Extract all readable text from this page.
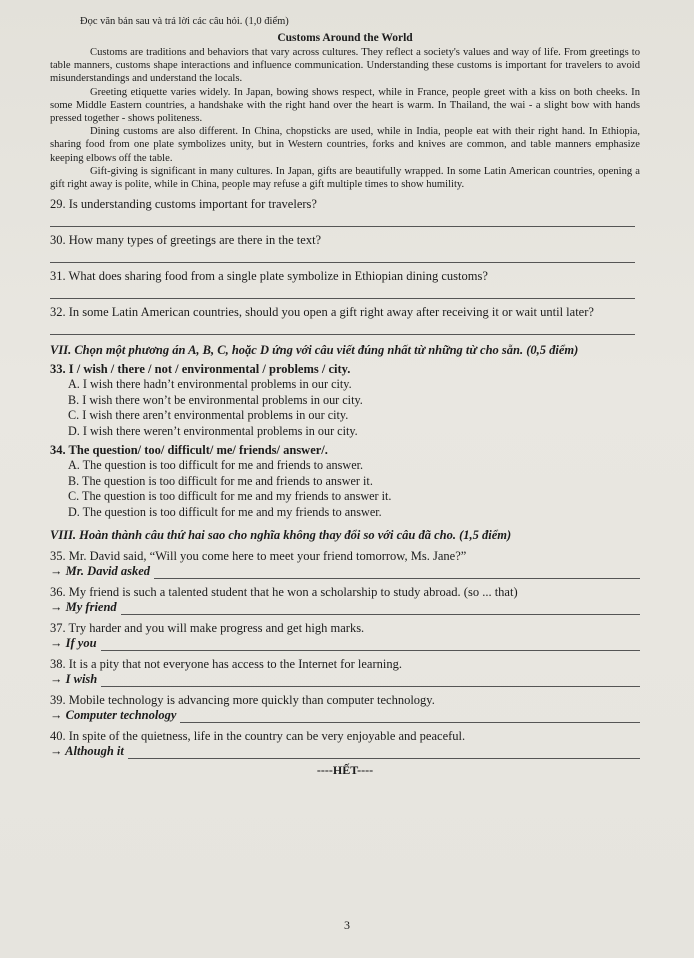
Đọc văn bản sau và trả lời các câu hỏi. (1,0 điểm)
Customs Around the World

Customs are traditions and behaviors that vary across cultures. They reflect a society's values and way of life. From greetings to table manners, customs shape interactions and influence communication. Understanding these customs is important for travelers to avoid misunderstandings and understand the locals.

Greeting etiquette varies widely. In Japan, bowing shows respect, while in France, people greet with a kiss on both cheeks. In some Middle Eastern countries, a handshake with the right hand over the heart is warm. In Thailand, the wai - a slight bow with hands pressed together - shows politeness.

Dining customs are also different. In China, chopsticks are used, while in India, people eat with their right hand. In Ethiopia, sharing food from one plate symbolizes unity, but in Western countries, forks and knives are common, and table manners emphasize keeping elbows off the table.

Gift-giving is significant in many cultures. In Japan, gifts are beautifully wrapped. In some Latin American countries, opening a gift right away is polite, while in China, people may refuse a gift multiple times to show humility.

29. Is understanding customs important for travelers?
30. How many types of greetings are there in the text?
31. What does sharing food from a single plate symbolize in Ethiopian dining customs?
32. In some Latin American countries, should you open a gift right away after receiving it or wait until later?
VII. Chọn một phương án A, B, C, hoặc D ứng với câu viết đúng nhất từ những từ cho sẵn. (0,5 điểm)
33. I / wish / there / not / environmental / problems / city.
A. I wish there hadn’t environmental problems in our city.
B. I wish there won’t be environmental problems in our city.
C. I wish there aren’t environmental problems in our city.
D. I wish there weren’t environmental problems in our city.
34. The question/ too/ difficult/ me/ friends/ answer/.
A. The question is too difficult for me and friends to answer.
B. The question is too difficult for me and friends to answer it.
C. The question is too difficult for me and my friends to answer it.
D. The question is too difficult for me and my friends to answer.
VIII. Hoàn thành câu thứ hai sao cho nghĩa không thay đổi so với câu đã cho. (1,5 điểm)
35. Mr. David said, “Will you come here to meet your friend tomorrow, Ms. Jane?”
→ Mr. David asked
36. My friend is such a talented student that he won a scholarship to study abroad. (so ... that)
→ My friend
37. Try harder and you will make progress and get high marks.
→ If you
38. It is a pity that not everyone has access to the Internet for learning.
→ I wish
39. Mobile technology is advancing more quickly than computer technology.
→ Computer technology
40. In spite of the quietness, life in the country can be very enjoyable and peaceful.
→ Although it
----HẾT----
3
